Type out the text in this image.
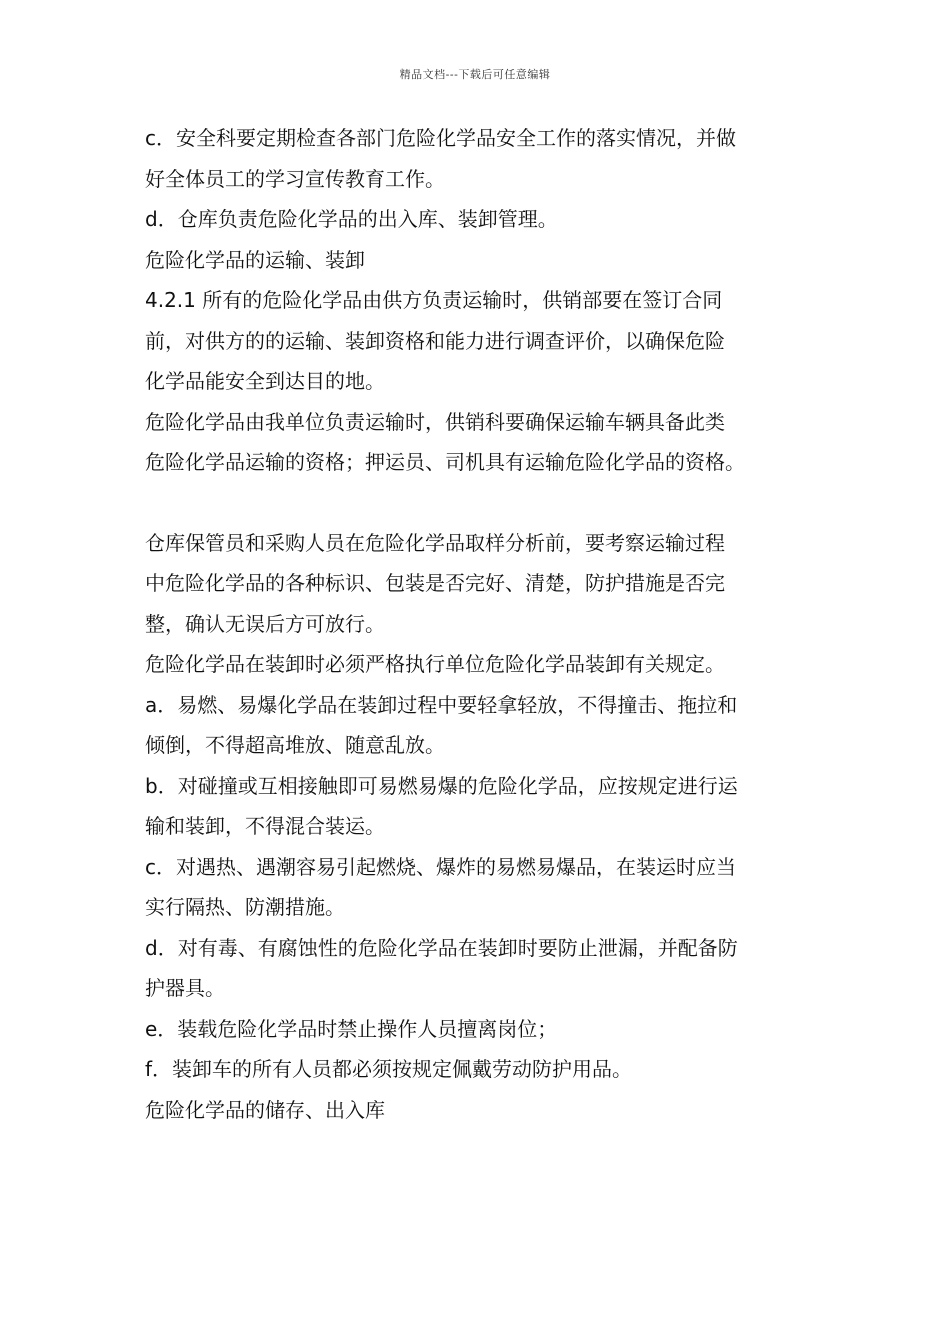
精品文档---下载后可任意编辑
c．安全科要定期检查各部门危险化学品安全工作的落实情况，并做
好全体员工的学习宣传教育工作。
d．仓库负责危险化学品的出入库、装卸管理。
危险化学品的运输、装卸
4.2.1 所有的危险化学品由供方负责运输时，供销部要在签订合同
前，对供方的的运输、装卸资格和能力进行调查评价，以确保危险
化学品能安全到达目的地。
危险化学品由我单位负责运输时，供销科要确保运输车辆具备此类
危险化学品运输的资格；押运员、司机具有运输危险化学品的资格。
仓库保管员和采购人员在危险化学品取样分析前，要考察运输过程
中危险化学品的各种标识、包装是否完好、清楚，防护措施是否完
整，确认无误后方可放行。
危险化学品在装卸时必须严格执行单位危险化学品装卸有关规定。
a．易燃、易爆化学品在装卸过程中要轻拿轻放，不得撞击、拖拉和
倾倒，不得超高堆放、随意乱放。
b．对碰撞或互相接触即可易燃易爆的危险化学品，应按规定进行运
输和装卸，不得混合装运。
c．对遇热、遇潮容易引起燃烧、爆炸的易燃易爆品，在装运时应当
实行隔热、防潮措施。
d．对有毒、有腐蚀性的危险化学品在装卸时要防止泄漏，并配备防
护器具。
e．装载危险化学品时禁止操作人员擅离岗位；
f．装卸车的所有人员都必须按规定佩戴劳动防护用品。
危险化学品的储存、出入库
